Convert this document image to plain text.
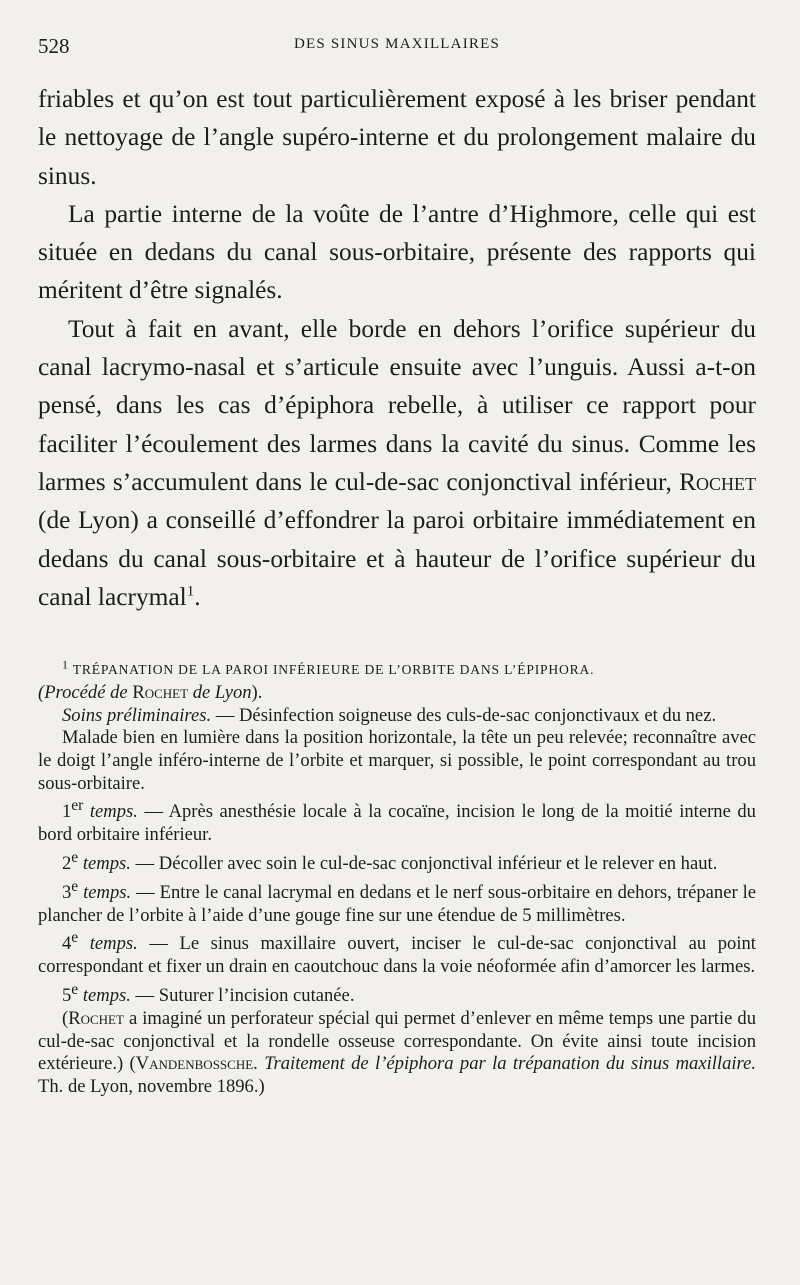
528	DES SINUS MAXILLAIRES

friables et qu’on est tout particulièrement exposé à les briser pendant le nettoyage de l’angle supéro-interne et du prolongement malaire du sinus.

La partie interne de la voûte de l’antre d’Highmore, celle qui est située en dedans du canal sous-orbitaire, présente des rapports qui méritent d’être signalés.

Tout à fait en avant, elle borde en dehors l’orifice supérieur du canal lacrymo-nasal et s’articule ensuite avec l’unguis. Aussi a-t-on pensé, dans les cas d’épiphora rebelle, à utiliser ce rapport pour faciliter l’écoulement des larmes dans la cavité du sinus. Comme les larmes s’accumulent dans le cul-de-sac conjonctival inférieur, Rochet (de Lyon) a conseillé d’effondrer la paroi orbitaire immédiatement en dedans du canal sous-orbitaire et à hauteur de l’orifice supérieur du canal lacrymal$^1$.

1 TRÉPANATION DE LA PAROI INFÉRIEURE DE L’ORBITE DANS L’ÉPIPHORA.

(Procédé de Rochet de Lyon).

Soins préliminaires. — Désinfection soigneuse des culs-de-sac conjonctivaux et du nez.

Malade bien en lumière dans la position horizontale, la tête un peu relevée; reconnaître avec le doigt l’angle inféro-interne de l’orbite et marquer, si possible, le point correspondant au trou sous-orbitaire.

1er temps. — Après anesthésie locale à la cocaïne, incision le long de la moitié interne du bord orbitaire inférieur.

2e temps. — Décoller avec soin le cul-de-sac conjonctival inférieur et le relever en haut.

3e temps. — Entre le canal lacrymal en dedans et le nerf sous-orbitaire en dehors, trépaner le plancher de l’orbite à l’aide d’une gouge fine sur une étendue de 5 millimètres.

4e temps. — Le sinus maxillaire ouvert, inciser le cul-de-sac conjonctival au point correspondant et fixer un drain en caoutchouc dans la voie néoformée afin d’amorcer les larmes.

5e temps. — Suturer l’incision cutanée.

(Rochet a imaginé un perforateur spécial qui permet d’enlever en même temps une partie du cul-de-sac conjonctival et la rondelle osseuse correspondante. On évite ainsi toute incision extérieure.) (Vandenbossche. Traitement de l’épiphora par la trépanation du sinus maxillaire. Th. de Lyon, novembre 1896.)
